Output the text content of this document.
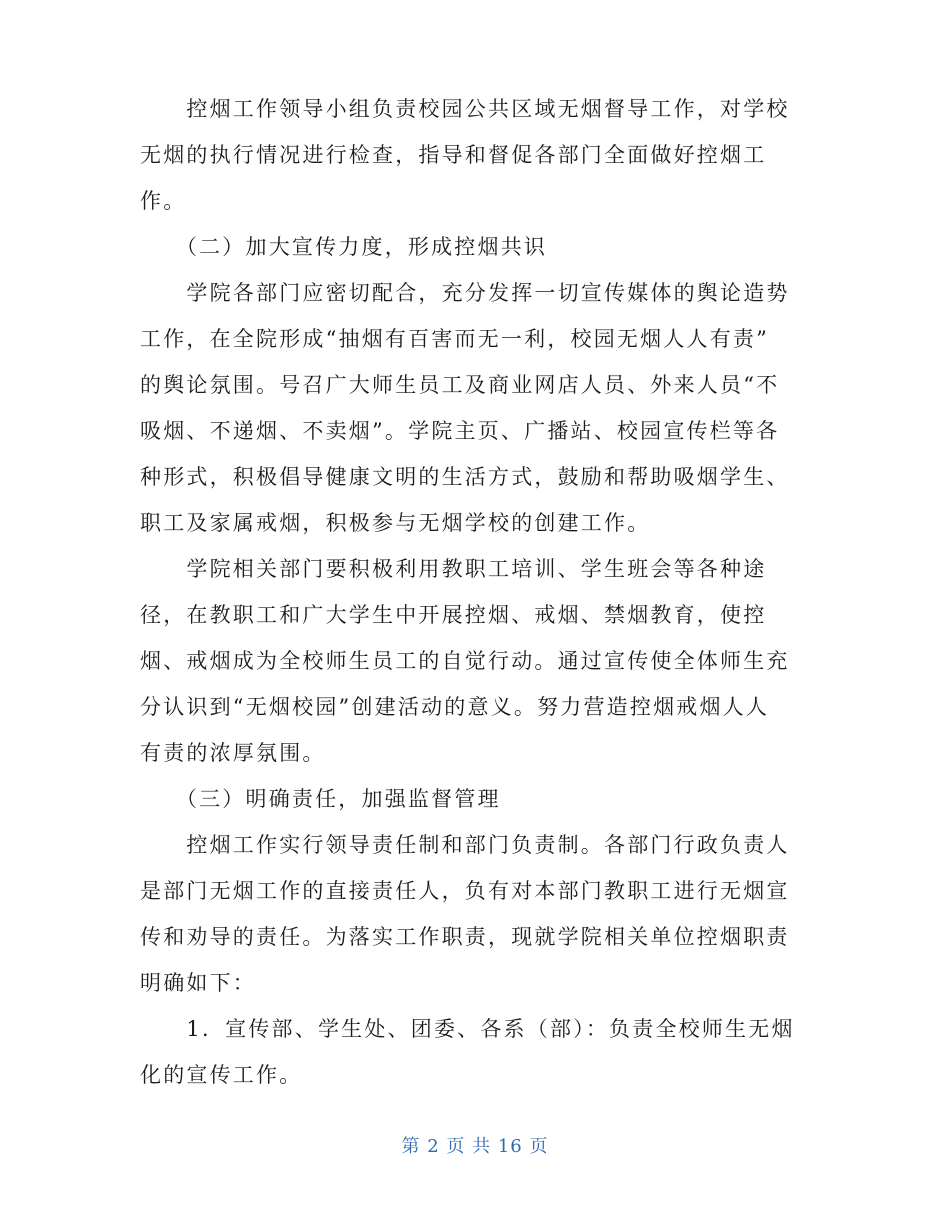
　　控烟工作领导小组负责校园公共区域无烟督导工作，对学校
无烟的执行情况进行检查，指导和督促各部门全面做好控烟工
作。
　　（二）加大宣传力度，形成控烟共识
　　学院各部门应密切配合，充分发挥一切宣传媒体的舆论造势
工作，在全院形成“抽烟有百害而无一利，校园无烟人人有责”
的舆论氛围。号召广大师生员工及商业网店人员、外来人员“不
吸烟、不递烟、不卖烟”。学院主页、广播站、校园宣传栏等各
种形式，积极倡导健康文明的生活方式，鼓励和帮助吸烟学生、
职工及家属戒烟，积极参与无烟学校的创建工作。
　　学院相关部门要积极利用教职工培训、学生班会等各种途
径，在教职工和广大学生中开展控烟、戒烟、禁烟教育，使控
烟、戒烟成为全校师生员工的自觉行动。通过宣传使全体师生充
分认识到“无烟校园”创建活动的意义。努力营造控烟戒烟人人
有责的浓厚氛围。
　　（三）明确责任，加强监督管理
　　控烟工作实行领导责任制和部门负责制。各部门行政负责人
是部门无烟工作的直接责任人，负有对本部门教职工进行无烟宣
传和劝导的责任。为落实工作职责，现就学院相关单位控烟职责
明确如下：
　　1．宣传部、学生处、团委、各系（部）：负责全校师生无烟
化的宣传工作。
第 2 页 共 16 页
